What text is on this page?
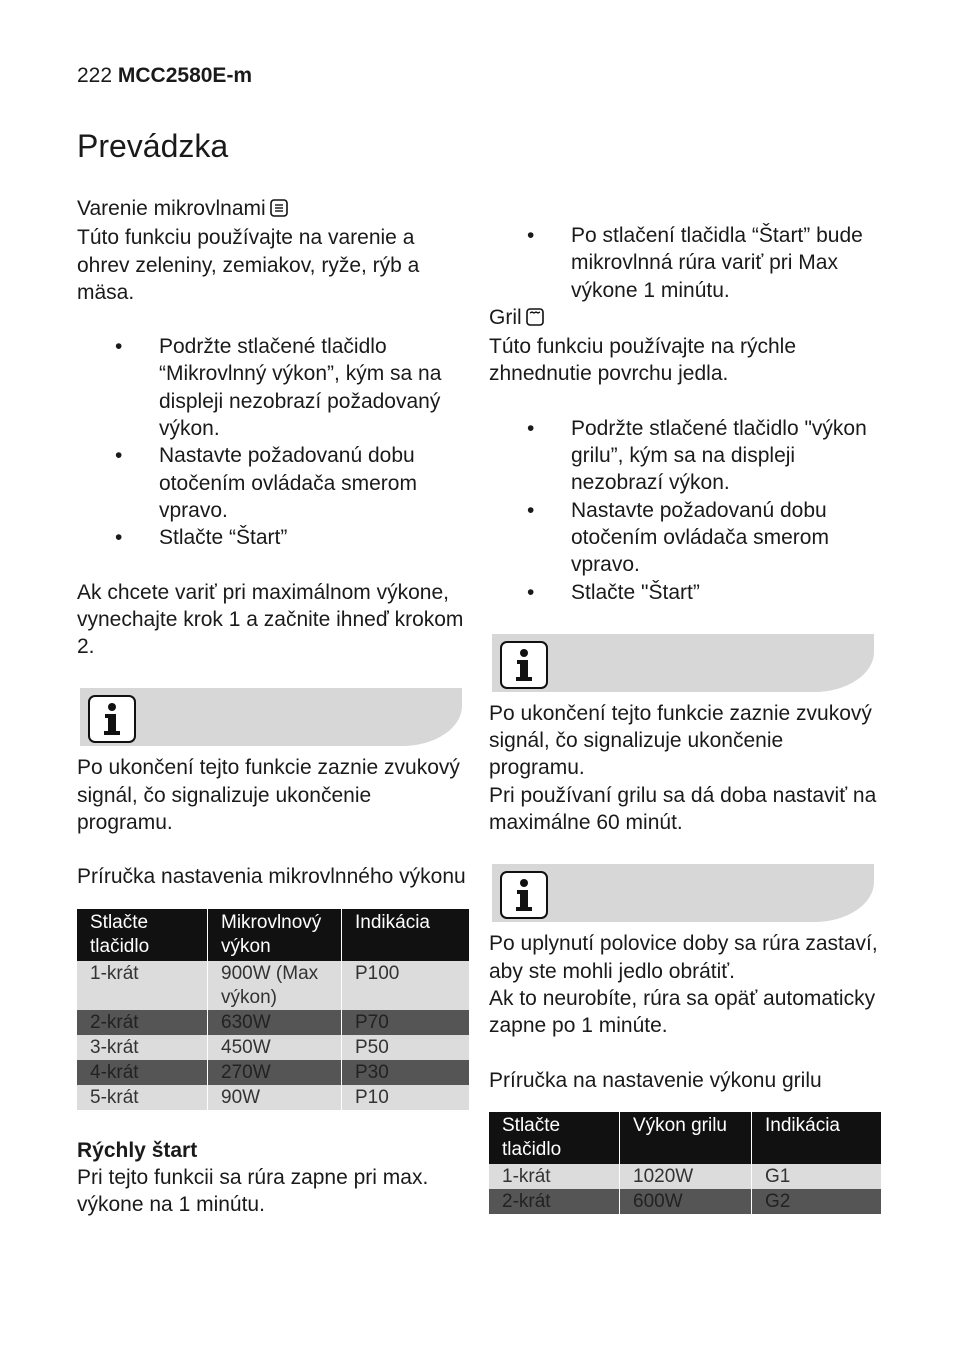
222 MCC2580E-m
Prevádzka
Varenie mikrovlnami

Túto funkciu používajte na varenie a ohrev zeleniny, zemiakov, ryže, rýb a mäsa.

• Podržte stlačené tlačidlo “Mikrovlnný výkon”, kým sa na displeji nezobrazí požadovaný výkon.
• Nastavte požadovanú dobu otočením ovládača smerom vpravo.
• Stlačte “Štart”

Ak chcete variť pri maximálnom výkone, vynechajte krok 1 a začnite ihneď krokom 2.

Po ukončení tejto funkcie zaznie zvukový signál, čo signalizuje ukončenie programu.

Príručka nastavenia mikrovlnného výkonu
Stlačte tlačidlo	Mikrovlnový výkon	Indikácia
1-krát	900W (Max výkon)	P100
2-krát	630W	P70
3-krát	450W	P50
4-krát	270W	P30
5-krát	90W	P10
Rýchly štart

Pri tejto funkcii sa rúra zapne pri max. výkone na 1 minútu.

• Po stlačení tlačidla “Štart” bude mikrovlnná rúra variť pri Max výkone 1 minútu.
Gril

Túto funkciu používajte na rýchle zhnednutie povrchu jedla.

• Podržte stlačené tlačidlo "výkon grilu”, kým sa na displeji nezobrazí výkon.
• Nastavte požadovanú dobu otočením ovládača smerom vpravo.
• Stlačte "Štart”

Po ukončení tejto funkcie zaznie zvukový signál, čo signalizuje ukončenie programu.

Pri používaní grilu sa dá doba nastaviť na maximálne 60 minút.

Po uplynutí polovice doby sa rúra zastaví, aby ste mohli jedlo obrátiť.

Ak to neurobíte, rúra sa opäť automaticky zapne po 1 minúte.

Príručka na nastavenie výkonu grilu
Stlačte tlačidlo	Výkon grilu	Indikácia
1-krát	1020W	G1
2-krát	600W	G2
